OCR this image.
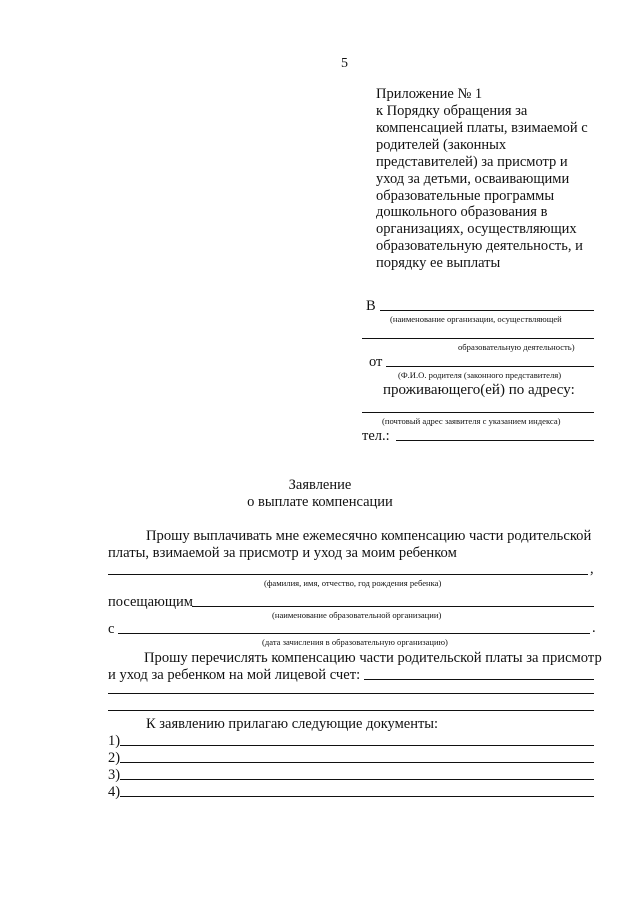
5
Приложение № 1
к Порядку обращения за
компенсацией платы, взимаемой с
родителей (законных
представителей) за присмотр и
уход за детьми, осваивающими
образовательные программы
дошкольного образования в
организациях, осуществляющих
образовательную деятельность, и
порядку ее выплаты
В
(наименование организации, осуществляющей
образовательную деятельность)
от
(Ф.И.О. родителя (законного представителя)
проживающего(ей) по адресу:
(почтовый адрес заявителя с указанием индекса)
тел.:
Заявление
о выплате компенсации
Прошу выплачивать мне ежемесячно компенсацию части родительской
платы, взимаемой за присмотр и уход за моим ребенком
,
(фамилия, имя, отчество, год рождения ребенка)
посещающим
(наименование образовательной организации)
с	.
(дата зачисления в образовательную организацию)
Прошу перечислять компенсацию части родительской платы за присмотр
и уход за ребенком на мой лицевой счет:
К заявлению прилагаю следующие документы:
1)
2)
3)
4)
